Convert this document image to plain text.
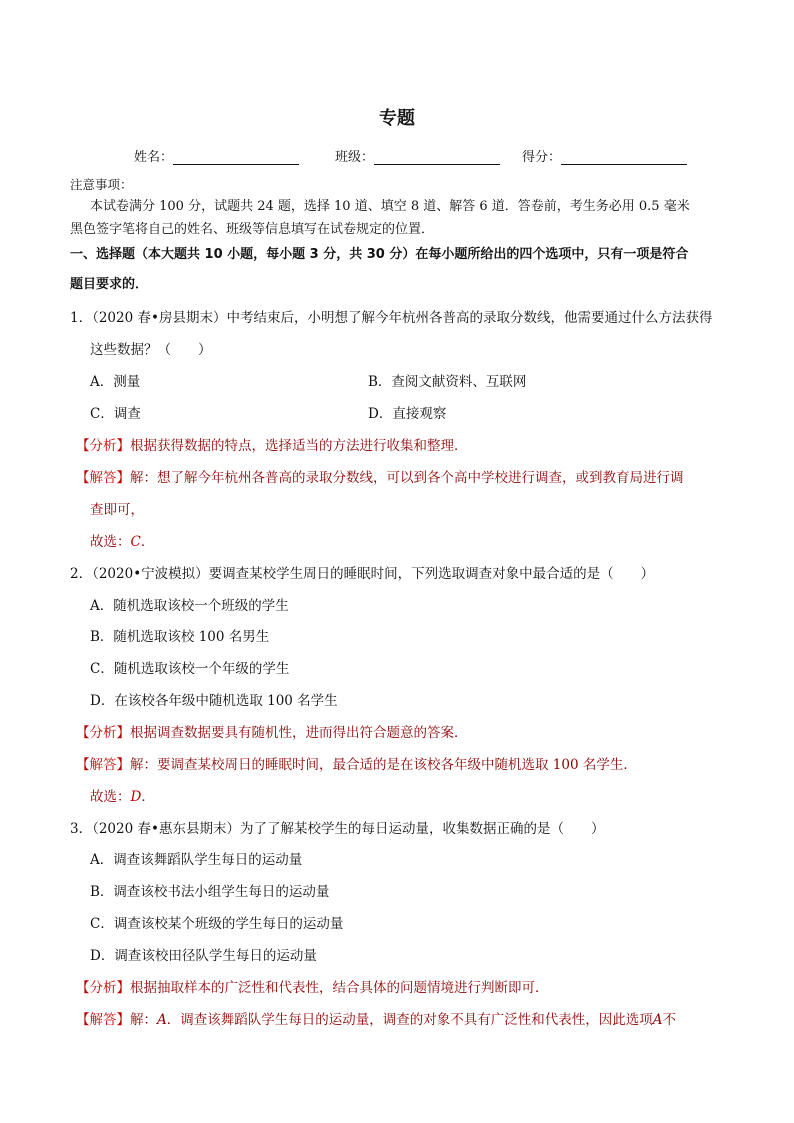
专题
姓名：	班级：	得分：
注意事项：
本试卷满分 100 分，试题共 24 题，选择 10 道、填空 8 道、解答 6 道．答卷前，考生务必用 0.5 毫米
黑色签字笔将自己的姓名、班级等信息填写在试卷规定的位置．
一、选择题（本大题共 10 小题，每小题 3 分，共 30 分）在每小题所给出的四个选项中，只有一项是符合
题目要求的．
1．（2020 春•房县期末）中考结束后，小明想了解今年杭州各普高的录取分数线，他需要通过什么方法获得
这些数据？（　　）
A．测量	B．查阅文献资料、互联网
C．调查	D．直接观察
【分析】根据获得数据的特点，选择适当的方法进行收集和整理．
【解答】解：想了解今年杭州各普高的录取分数线，可以到各个高中学校进行调查，或到教育局进行调
查即可，
故选：C．
2．（2020•宁波模拟）要调查某校学生周日的睡眠时间，下列选取调查对象中最合适的是（　　）
A．随机选取该校一个班级的学生
B．随机选取该校 100 名男生
C．随机选取该校一个年级的学生
D．在该校各年级中随机选取 100 名学生
【分析】根据调查数据要具有随机性，进而得出符合题意的答案．
【解答】解：要调查某校周日的睡眠时间，最合适的是在该校各年级中随机选取 100 名学生．
故选：D．
3．（2020 春•惠东县期末）为了了解某校学生的每日运动量，收集数据正确的是（　　）
A．调查该舞蹈队学生每日的运动量
B．调查该校书法小组学生每日的运动量
C．调查该校某个班级的学生每日的运动量
D．调查该校田径队学生每日的运动量
【分析】根据抽取样本的广泛性和代表性，结合具体的问题情境进行判断即可．
【解答】解：A．调查该舞蹈队学生每日的运动量，调查的对象不具有广泛性和代表性，因此选项A不
